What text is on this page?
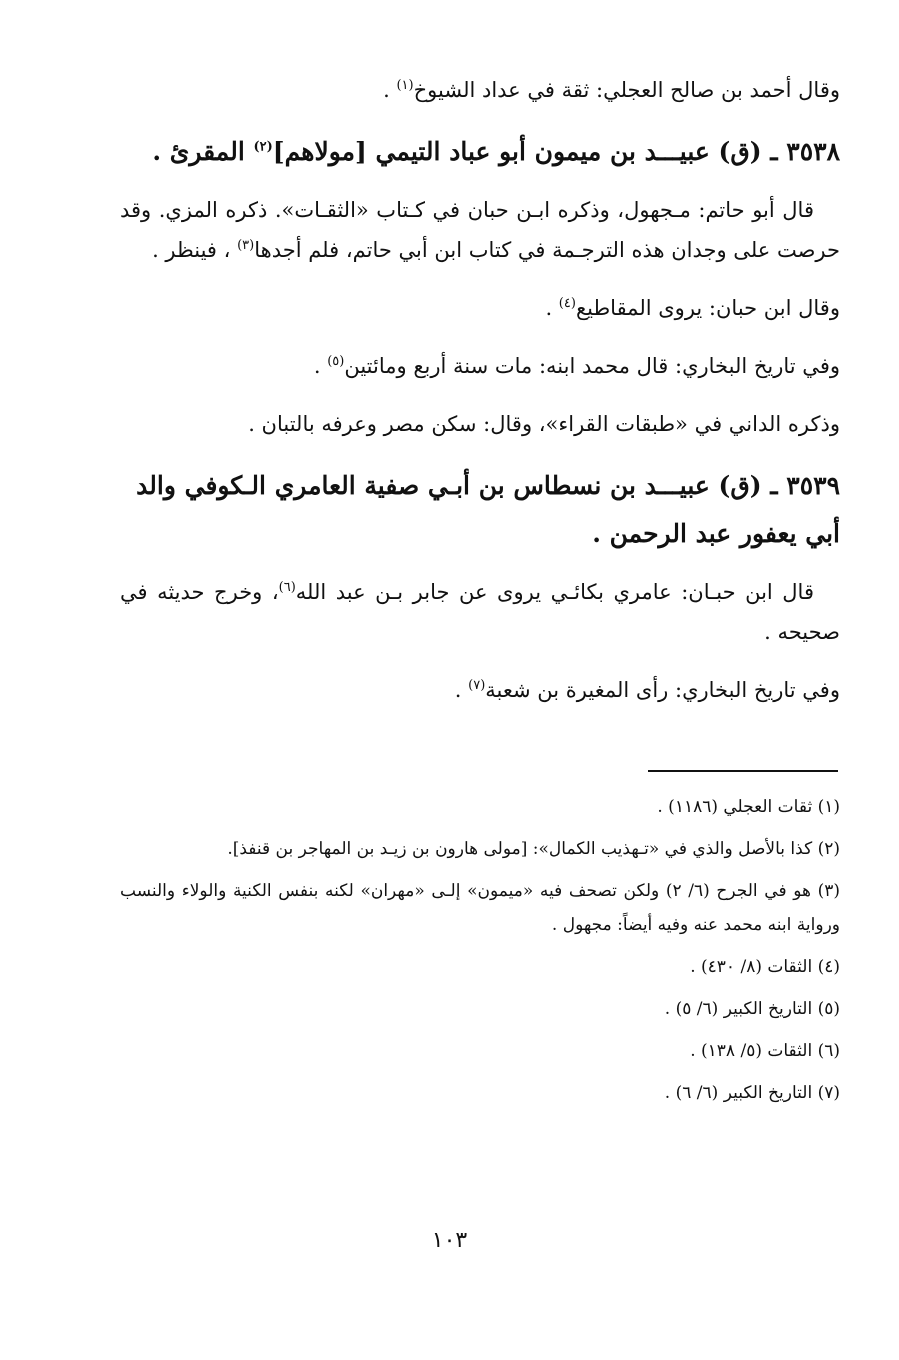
وقال أحمد بن صالح العجلي: ثقة في عداد الشيوخ$^{(١)}$ .

٣٥٣٨ ـ (ق) عبيـــد بن ميمون أبو عباد التيمي [مولاهم]$^{(٢)}$ المقرئ .

قال أبو حاتم: مـجهول، وذكره ابـن حبان في كـتاب «الثقـات». ذكره المزي. وقد حرصت على وجدان هذه الترجـمة في كتاب ابن أبي حاتم، فلم أجدها$^{(٣)}$ ، فينظر .

وقال ابن حبان: يروى المقاطيع$^{(٤)}$ .

وفي تاريخ البخاري: قال محمد ابنه: مات سنة أربع ومائتين$^{(٥)}$ .

وذكره الداني في «طبقات القراء»، وقال: سكن مصر وعرفه بالتبان .

٣٥٣٩ ـ (ق) عبيـــد بن نسطاس بن أبـي صفية العامري الـكوفي والد أبي يعفور عبد الرحمن .

قال ابن حبـان: عامري بكائـي يروى عن جابر بـن عبد الله$^{(٦)}$، وخرج حديثه في صحيحه .

وفي تاريخ البخاري: رأى المغيرة بن شعبة$^{(٧)}$ .

(١) ثقات العجلي (١١٨٦) .

(٢) كذا بالأصل والذي في «تـهذيب الكمال»: [مولى هارون بن زيـد بن المهاجر بن قنفذ].

(٣) هو في الجرح (٦/ ٢) ولكن تصحف فيه «ميمون» إلـى «مهران» لكنه بنفس الكنية والولاء والنسب ورواية ابنه محمد عنه وفيه أيضاً: مجهول .

(٤) الثقات (٨/ ٤٣٠) .

(٥) التاريخ الكبير (٦/ ٥) .

(٦) الثقات (٥/ ١٣٨) .

(٧) التاريخ الكبير (٦/ ٦) .

١٠٣
